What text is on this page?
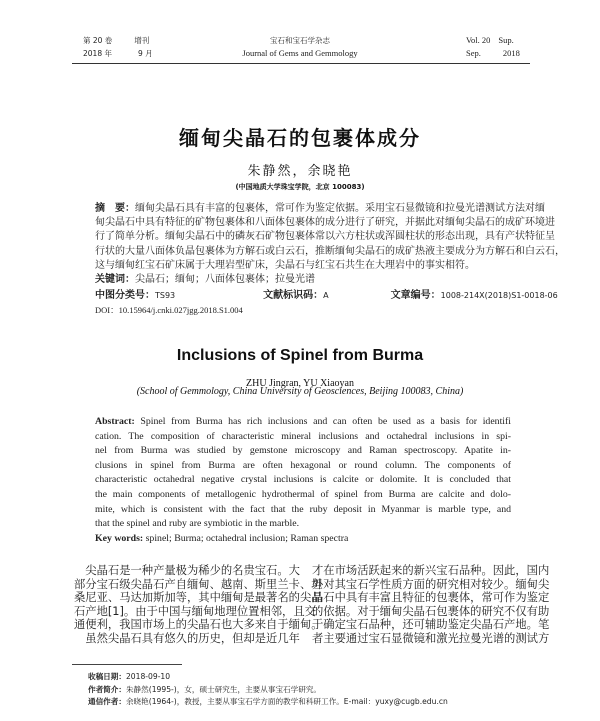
第 20 卷	增刊
2018 年	9 月
宝石和宝石学杂志
Journal of Gems and Gemmology
Vol. 20 Sup.
Sep.	2018
缅甸尖晶石的包裹体成分
朱静然，余晓艳
(中国地质大学珠宝学院，北京 100083)
摘　要：缅甸尖晶石具有丰富的包裹体，常可作为鉴定依据。采用宝石显微镜和拉曼光谱测试方法对缅
甸尖晶石中具有特征的矿物包裹体和八面体包裹体的成分进行了研究，并据此对缅甸尖晶石的成矿环境进
行了简单分析。缅甸尖晶石中的磷灰石矿物包裹体常以六方柱状或浑圆柱状的形态出现，具有产状特征呈
行状的大量八面体负晶包裹体为方解石或白云石，推断缅甸尖晶石的成矿热液主要成分为方解石和白云石，
这与缅甸红宝石矿床属于大理岩型矿床，尖晶石与红宝石共生在大理岩中的事实相符。
关键词：尖晶石；缅甸；八面体包裹体；拉曼光谱
中图分类号：TS93	文献标识码：A	文章编号：1008-214X(2018)S1-0018-06
DOI：10.15964/j.cnki.027jgg.2018.S1.004
Inclusions of Spinel from Burma
ZHU Jingran, YU Xiaoyan
(School of Gemmology, China University of Geosciences, Beijing 100083, China)
Abstract: Spinel from Burma has rich inclusions and can often be used as a basis for identifi
cation. The composition of characteristic mineral inclusions and octahedral inclusions in spi-
nel from Burma was studied by gemstone microscopy and Raman spectroscopy. Apatite in-
clusions in spinel from Burma are often hexagonal or round column. The components of
characteristic octahedral negative crystal inclusions is calcite or dolomite. It is concluded that
the main components of metallogenic hydrothermal of spinel from Burma are calcite and dolo-
mite, which is consistent with the fact that the ruby deposit in Myanmar is marble type, and
that the spinel and ruby are symbiotic in the marble.
Key words: spinel; Burma; octahedral inclusion; Raman spectra
　尖晶石是一种产量极为稀少的名贵宝石。大
部分宝石级尖晶石产自缅甸、越南、斯里兰卡、坦
桑尼亚、马达加斯加等，其中缅甸是最著名的尖晶
石产地[1]。由于中国与缅甸地理位置相邻，且交
通便利，我国市场上的尖晶石也大多来自于缅甸。
　虽然尖晶石具有悠久的历史，但却是近几年
才在市场活跃起来的新兴宝石品种。因此，国内
外对其宝石学性质方面的研究相对较少。缅甸尖
晶石中具有丰富且特征的包裹体，常可作为鉴定
的依据。对于缅甸尖晶石包裹体的研究不仅有助
于确定宝石品种，还可辅助鉴定尖晶石产地。笔
者主要通过宝石显微镜和激光拉曼光谱的测试方
收稿日期：2018-09-10
作者简介：朱静然(1995-)，女，硕士研究生，主要从事宝石学研究。
通信作者：余晓艳(1964-)，教授，主要从事宝石学方面的教学和科研工作。E-mail：yuxy@cugb.edu.cn
